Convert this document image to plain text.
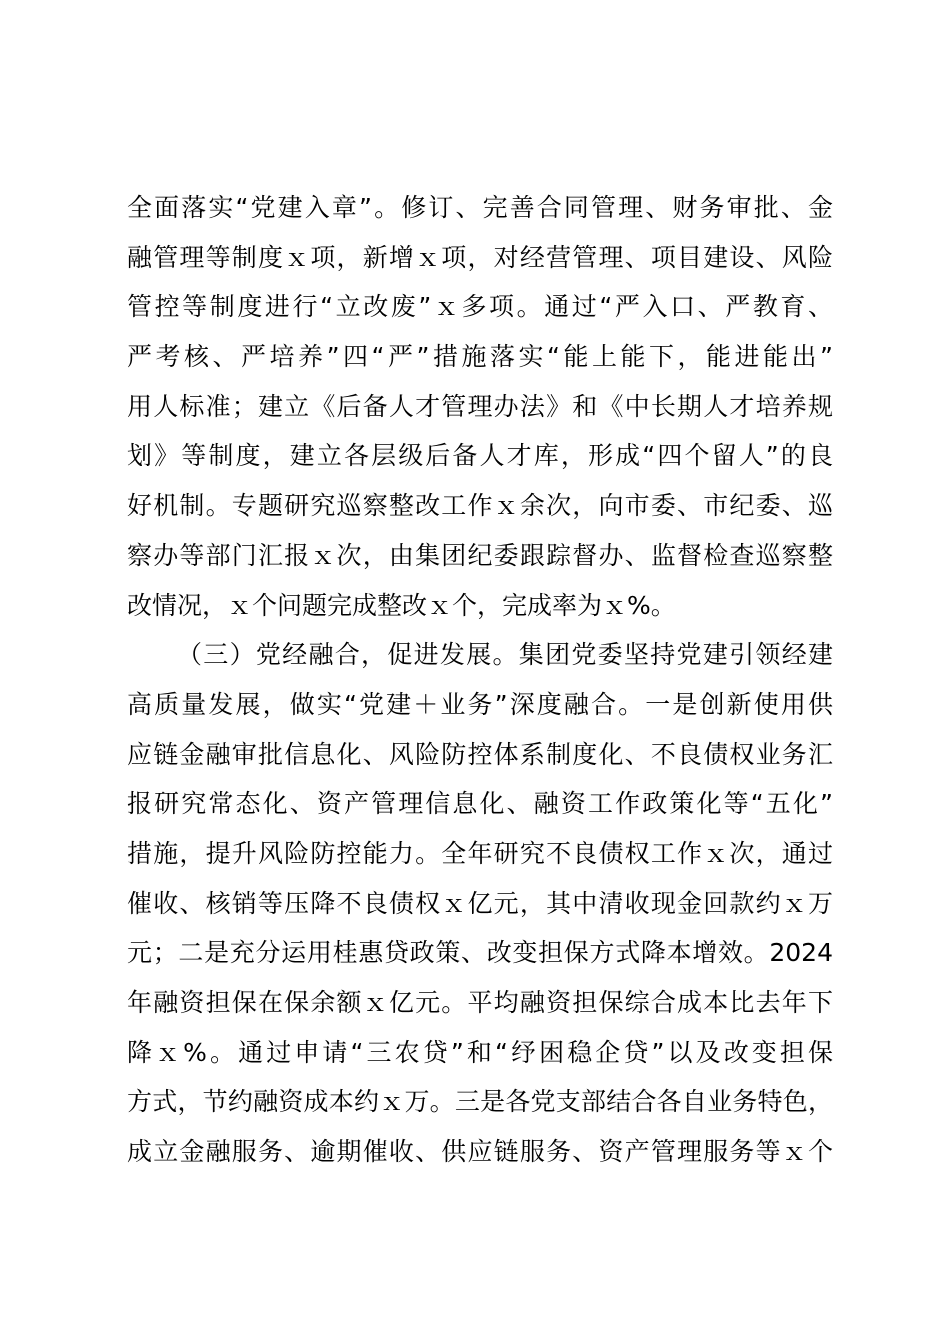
全面落实“党建入章”。修订、完善合同管理、财务审批、金
融管理等制度ｘ项，新增ｘ项，对经营管理、项目建设、风险
管控等制度进行“立改废”ｘ多项。通过“严入口、严教育、
严考核、严培养”四“严”措施落实“能上能下，能进能出”
用人标准；建立《后备人才管理办法》和《中长期人才培养规
划》等制度，建立各层级后备人才库，形成“四个留人”的良
好机制。专题研究巡察整改工作ｘ余次，向市委、市纪委、巡
察办等部门汇报ｘ次，由集团纪委跟踪督办、监督检查巡察整
改情况，ｘ个问题完成整改ｘ个，完成率为ｘ%。
（三）党经融合，促进发展。集团党委坚持党建引领经建
高质量发展，做实“党建＋业务”深度融合。一是创新使用供
应链金融审批信息化、风险防控体系制度化、不良债权业务汇
报研究常态化、资产管理信息化、融资工作政策化等“五化”
措施，提升风险防控能力。全年研究不良债权工作ｘ次，通过
催收、核销等压降不良债权ｘ亿元，其中清收现金回款约ｘ万
元；二是充分运用桂惠贷政策、改变担保方式降本增效。2024
年融资担保在保余额ｘ亿元。平均融资担保综合成本比去年下
降ｘ%。通过申请“三农贷”和“纾困稳企贷”以及改变担保
方式，节约融资成本约ｘ万。三是各党支部结合各自业务特色，
成立金融服务、逾期催收、供应链服务、资产管理服务等ｘ个
